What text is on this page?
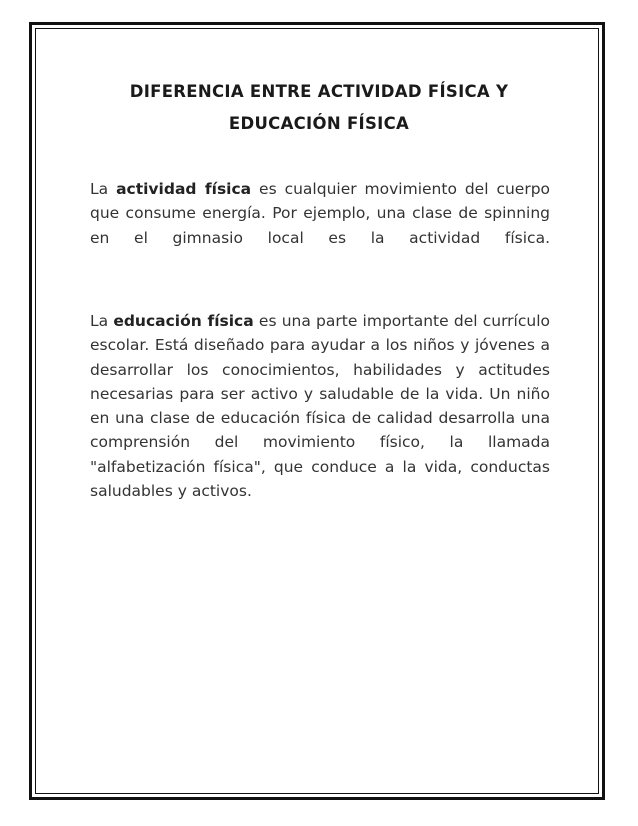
DIFERENCIA ENTRE ACTIVIDAD FÍSICA Y
EDUCACIÓN FÍSICA

La actividad física es cualquier movimiento del cuerpo que consume energía. Por ejemplo, una clase de spinning en el gimnasio local es la actividad física.

La educación física es una parte importante del currículo escolar. Está diseñado para ayudar a los niños y jóvenes a desarrollar los conocimientos, habilidades y actitudes necesarias para ser activo y saludable de la vida. Un niño en una clase de educación física de calidad desarrolla una comprensión del movimiento físico, la llamada "alfabetización física", que conduce a la vida, conductas saludables y activos.
